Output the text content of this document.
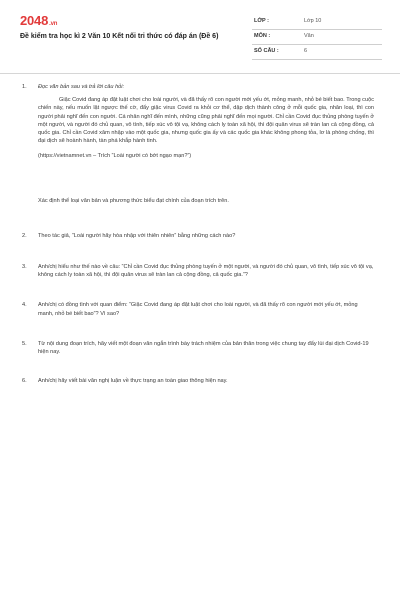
2048.vn
Đề kiểm tra học kì 2 Văn 10 Kết nối tri thức có đáp án (Đề 6)
LỚP :	Lớp 10
MÔN :	Văn
SỐ CÂU :	6
1. Đọc văn bản sau và trả lời câu hỏi:
Giặc Covid đang áp đặt luật chơi cho loài người, và đã thấy rõ con người mới yếu ớt, mỏng manh, nhỏ bé biết bao. Trong cuộc chiến này, nếu muốn lật ngược thế cờ, đẩy giặc virus Covid ra khỏi cơ thể, dập dịch thành công ở mỗi quốc gia, nhân loại, thì con người phải nghĩ đến con người. Cá nhân nghĩ đến mình, những cũng phải nghĩ đến mọi người. Chỉ cần Covid đục thủng phòng tuyến ở một người, và người đó chủ quan, vô tình, tiếp xúc vô tội vạ, không cách ly toàn xã hội, thì đội quân virus sẽ tràn lan cả cộng đồng, cả quốc gia. Chỉ cần Covid xâm nhập vào một quốc gia, nhưng quốc gia ấy và các quốc gia khác không phong tỏa, lơ là phòng chống, thì đại dịch sẽ hoành hành, tàn phá khắp hành tinh.
(https://vietnamnet.vn – Trích “Loài người có bớt ngạo mạn?”)
Xác định thể loại văn bản và phương thức biểu đạt chính của đoạn trích trên.
2. Theo tác giả, “Loài người hãy hòa nhập với thiên nhiên” bằng những cách nào?
3. Anh/chị hiểu như thế nào về câu: “Chỉ cần Covid đục thủng phòng tuyến ở một người, và người đó chủ quan, vô tình, tiếp xúc vô tội vạ, không cách ly toàn xã hội, thì đội quân virus sẽ tràn lan cả cộng đồng, cả quốc gia.”?
4. Anh/chị có đồng tình với quan điểm: “Giặc Covid đang áp đặt luật chơi cho loài người, và đã thấy rõ con người mới yếu ớt, mỏng manh, nhỏ bé biết bao”? Vì sao?
5. Từ nội dung đoạn trích, hãy viết một đoạn văn ngắn trình bày trách nhiệm của bản thân trong việc chung tay đẩy lùi đại dịch Covid-19 hiện nay.
6. Anh/chị hãy viết bài văn nghị luận về thực trạng an toàn giao thông hiện nay.
